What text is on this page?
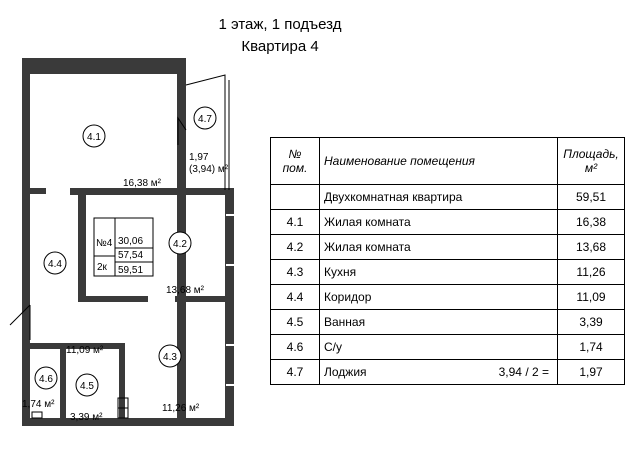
1 этаж, 1 подъезд
Квартира 4
4.1
4.2
4.3
4.4
4.5
4.6
4.7
16,38 м²
13,68 м²
11,26 м²
11,09 м²
3,39 м²
1,74 м²
1,97
(3,94) м²
№4
2к
30,06
57,54
59,51
№ пом.	Наименование помещения	Площадь, м²
	Двухкомнатная квартира	59,51
4.1	Жилая комната	16,38
4.2	Жилая комната	13,68
4.3	Кухня	11,26
4.4	Коридор	11,09
4.5	Ванная	3,39
4.6	С/у	1,74
4.7	Лоджия 3,94 / 2 =	1,97
